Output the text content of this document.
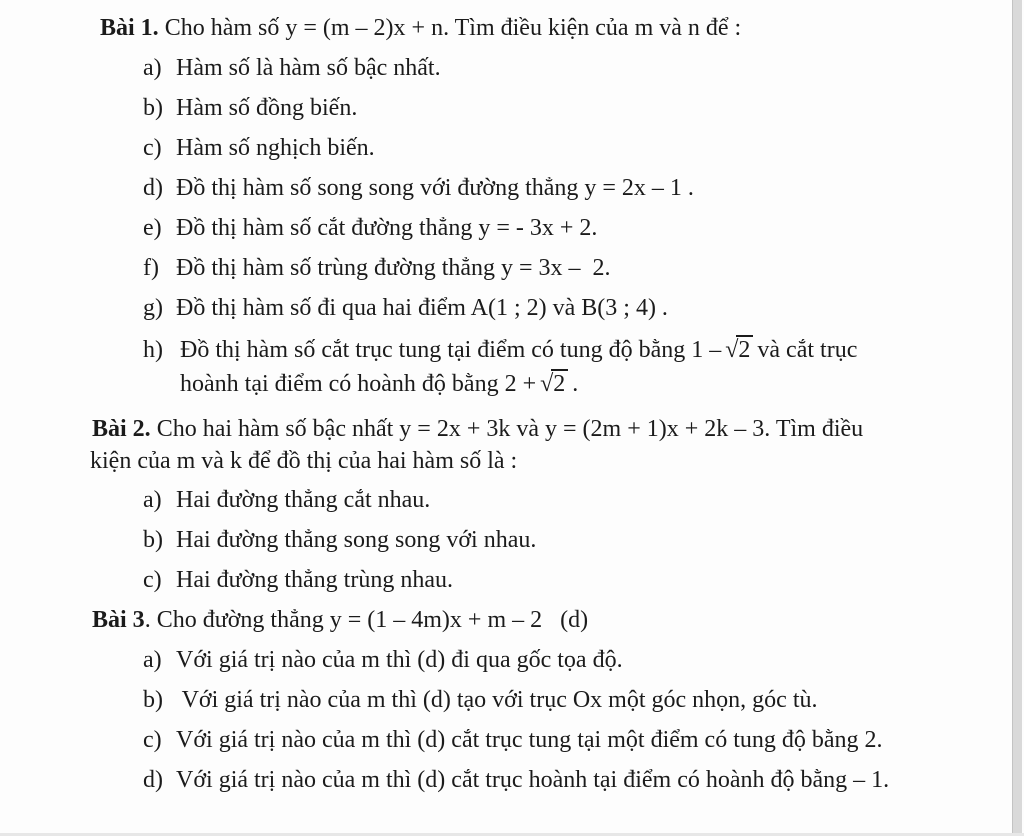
Bài 1. Cho hàm số y = (m – 2)x + n. Tìm điều kiện của m và n để :

a) Hàm số là hàm số bậc nhất.

b) Hàm số đồng biến.

c) Hàm số nghịch biến.

d) Đồ thị hàm số song song với đường thẳng y = 2x – 1 .

e) Đồ thị hàm số cắt đường thẳng y = - 3x + 2.

f) Đồ thị hàm số trùng đường thẳng y = 3x –  2.

g) Đồ thị hàm số đi qua hai điểm A(1 ; 2) và B(3 ; 4) .

h) Đồ thị hàm số cắt trục tung tại điểm có tung độ bằng 1 – √2 và cắt trục

hoành tại điểm có hoành độ bằng 2 + √2 .

Bài 2. Cho hai hàm số bậc nhất y = 2x + 3k và y = (2m + 1)x + 2k – 3. Tìm điều

kiện của m và k để đồ thị của hai hàm số là :

a) Hai đường thẳng cắt nhau.

b) Hai đường thẳng song song với nhau.

c) Hai đường thẳng trùng nhau.

Bài 3. Cho đường thẳng y = (1 – 4m)x + m – 2   (d)

a) Với giá trị nào của m thì (d) đi qua gốc tọa độ.

b) Với giá trị nào của m thì (d) tạo với trục Ox một góc nhọn, góc tù.

c) Với giá trị nào của m thì (d) cắt trục tung tại một điểm có tung độ bằng 2.

d) Với giá trị nào của m thì (d) cắt trục hoành tại điểm có hoành độ bằng – 1.
